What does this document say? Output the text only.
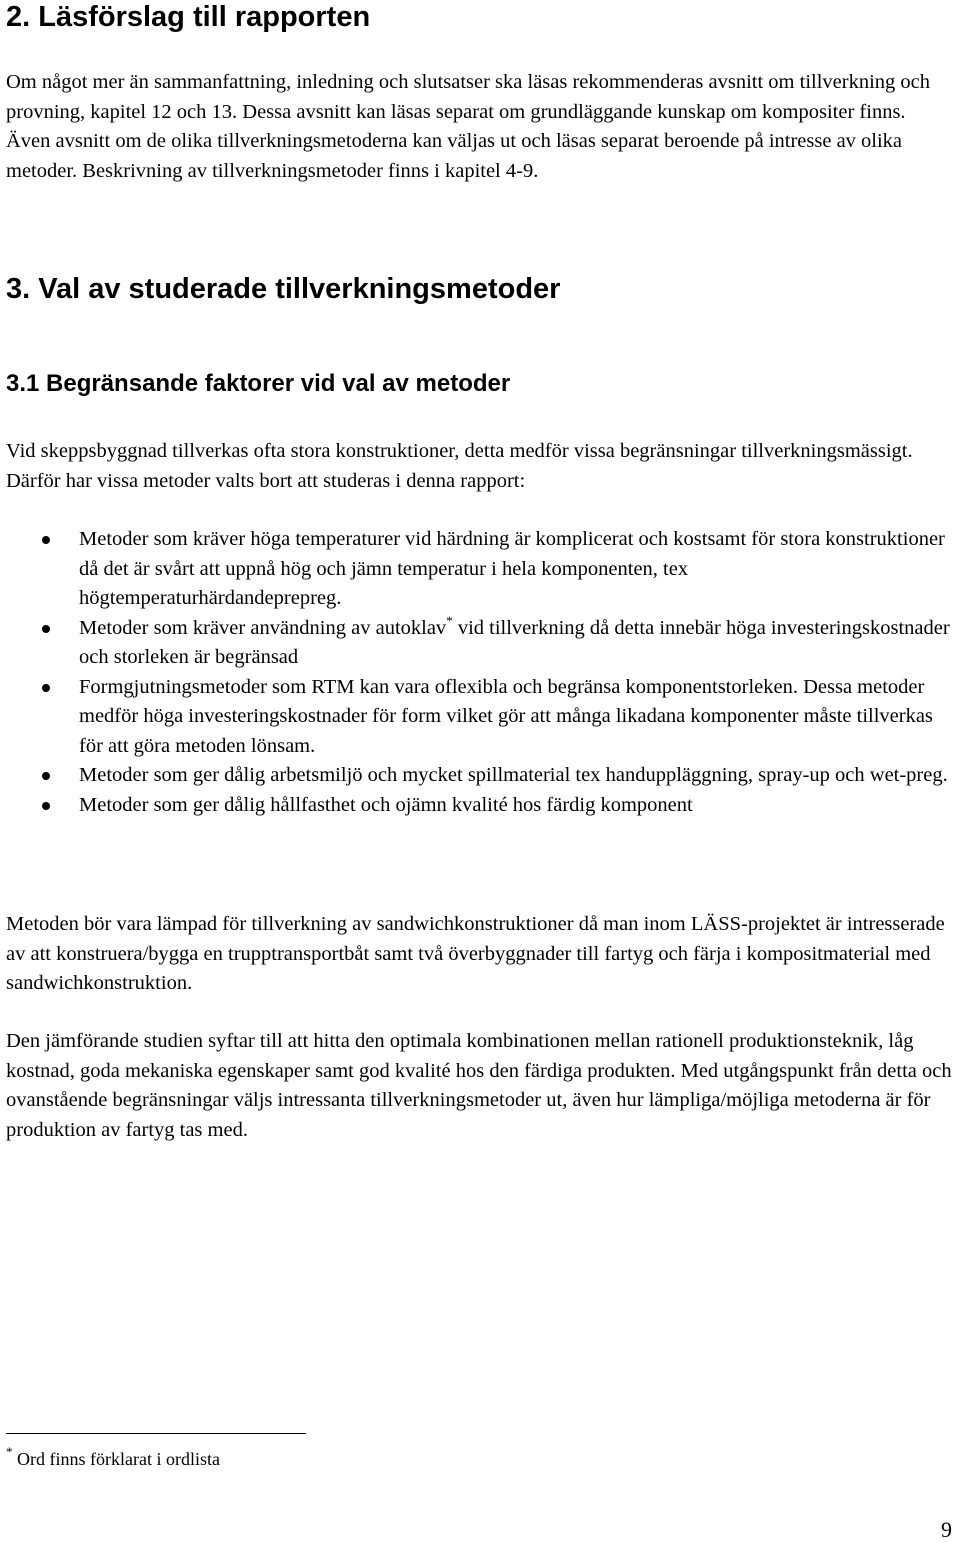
2. Läsförslag till rapporten

Om något mer än sammanfattning, inledning och slutsatser ska läsas rekommenderas avsnitt om tillverkning och provning, kapitel 12 och 13. Dessa avsnitt kan läsas separat om grundläggande kunskap om kompositer finns. Även avsnitt om de olika tillverkningsmetoderna kan väljas ut och läsas separat beroende på intresse av olika metoder. Beskrivning av tillverkningsmetoder finns i kapitel 4-9.

3. Val av studerade tillverkningsmetoder
3.1 Begränsande faktorer vid val av metoder

Vid skeppsbyggnad tillverkas ofta stora konstruktioner, detta medför vissa begränsningar tillverkningsmässigt. Därför har vissa metoder valts bort att studeras i denna rapport:

Metoder som kräver höga temperaturer vid härdning är komplicerat och kostsamt för stora konstruktioner då det är svårt att uppnå hög och jämn temperatur i hela komponenten, tex högtemperaturhärdandeprepreg.
Metoder som kräver användning av autoklav* vid tillverkning då detta innebär höga investeringskostnader och storleken är begränsad
Formgjutningsmetoder som RTM kan vara oflexibla och begränsa komponentstorleken. Dessa metoder medför höga investeringskostnader för form vilket gör att många likadana komponenter måste tillverkas för att göra metoden lönsam.
Metoder som ger dålig arbetsmiljö och mycket spillmaterial tex handuppläggning, spray-up och wet-preg.
Metoder som ger dålig hållfasthet och ojämn kvalité hos färdig komponent

Metoden bör vara lämpad för tillverkning av sandwichkonstruktioner då man inom LÄSS-projektet är intresserade av att konstruera/bygga en trupptransportbåt samt två överbyggnader till fartyg och färja i kompositmaterial med sandwichkonstruktion.

Den jämförande studien syftar till att hitta den optimala kombinationen mellan rationell produktionsteknik, låg kostnad, goda mekaniska egenskaper samt god kvalité hos den färdiga produkten. Med utgångspunkt från detta och ovanstående begränsningar väljs intressanta tillverkningsmetoder ut, även hur lämpliga/möjliga metoderna är för produktion av fartyg tas med.

* Ord finns förklarat i ordlista
9
